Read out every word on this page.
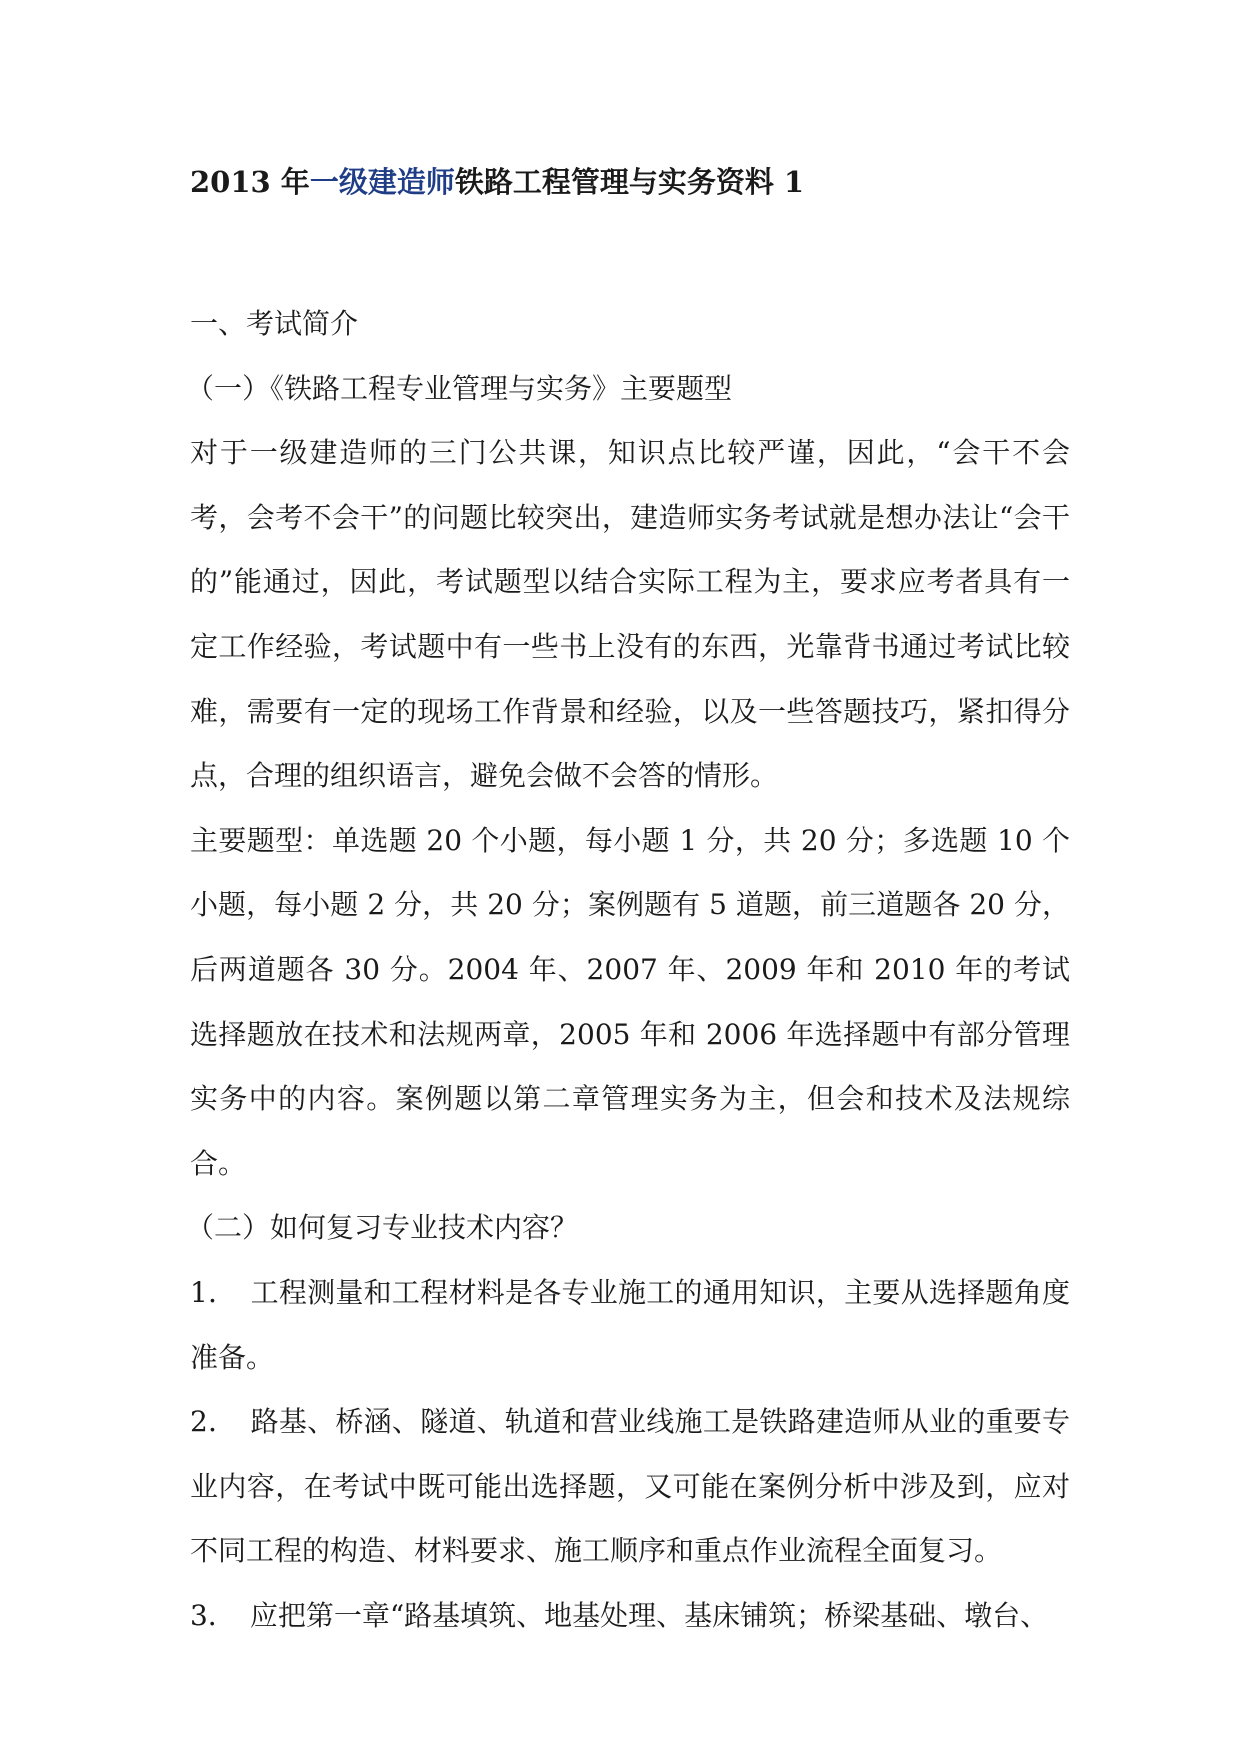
2013 年一级建造师铁路工程管理与实务资料 1

一、考试简介

（一）《铁路工程专业管理与实务》主要题型

对于一级建造师的三门公共课，知识点比较严谨，因此，“会干不会考，会考不会干”的问题比较突出，建造师实务考试就是想办法让“会干的”能通过，因此，考试题型以结合实际工程为主，要求应考者具有一定工作经验，考试题中有一些书上没有的东西，光靠背书通过考试比较难，需要有一定的现场工作背景和经验，以及一些答题技巧，紧扣得分点，合理的组织语言，避免会做不会答的情形。

主要题型：单选题 20 个小题，每小题 1 分，共 20 分；多选题 10 个小题，每小题 2 分，共 20 分；案例题有 5 道题，前三道题各 20 分，后两道题各 30 分。2004 年、2007 年、2009 年和 2010 年的考试选择题放在技术和法规两章，2005 年和 2006 年选择题中有部分管理实务中的内容。案例题以第二章管理实务为主，但会和技术及法规综合。

（二）如何复习专业技术内容？

1．　工程测量和工程材料是各专业施工的通用知识，主要从选择题角度准备。

2．　路基、桥涵、隧道、轨道和营业线施工是铁路建造师从业的重要专业内容，在考试中既可能出选择题，又可能在案例分析中涉及到，应对不同工程的构造、材料要求、施工顺序和重点作业流程全面复习。

3．　应把第一章“路基填筑、地基处理、基床铺筑；桥梁基础、墩台、
